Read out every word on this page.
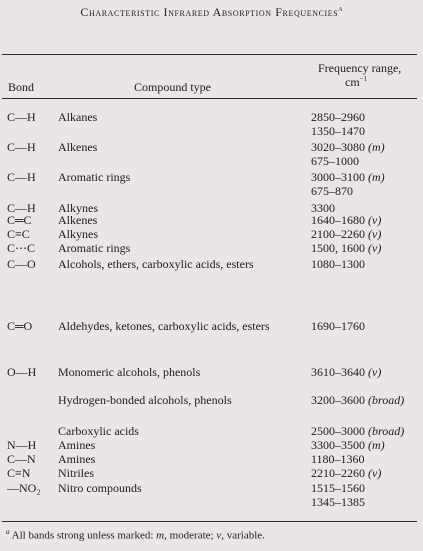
Characteristic Infrared Absorption Frequencies$^a$
Bond	Compound type
Frequency range,
$cm^{-1}$
C—H Alkanes	2850–2960
1350–1470
C—H Alkenes	3020–3080 (m)
675–1000
C—H Aromatic rings	3000–3100 (m)
675–870
C—H Alkynes	3300
C═C Alkenes	1640–1680 (v)
C≡C Alkynes	2100–2260 (v)
C⋯C Aromatic rings	1500, 1600 (v)
C—O Alcohols, ethers, carboxylic acids, esters	1080–1300
C═O Aldehydes, ketones, carboxylic acids, esters	1690–1760
O—H Monomeric alcohols, phenols	3610–3640 (v)
Hydrogen-bonded alcohols, phenols	3200–3600 (broad)
Carboxylic acids	2500–3000 (broad)
N—H Amines	3300–3500 (m)
C—N Amines	1180–1360
C≡N Nitriles	2210–2260 (v)
—NO₂ Nitro compounds	1515–1560
1345–1385
$^a$ All bands strong unless marked: m, moderate; v, variable.
